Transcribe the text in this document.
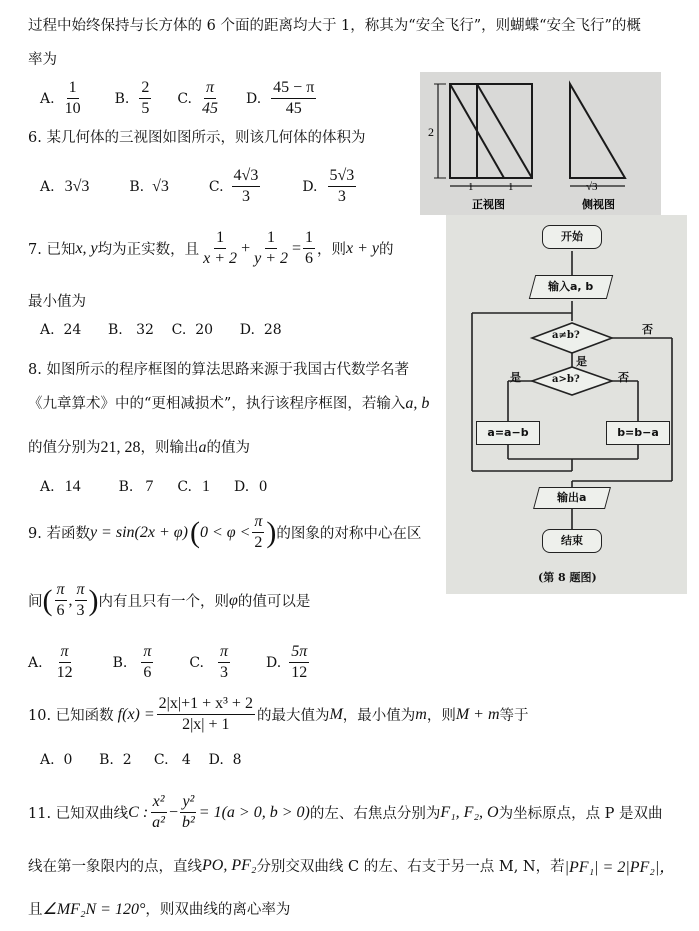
2
1	1	√3
正视图	侧视图
开始
输入a, b
a≠b?	否
是
a>b?
是	否
a=a−b	b=b−a
输出a
结束
(第 8 题图)
过程中始终保持与长方体的 6 个面的距离均大于 1，称其为“安全飞行”，则蝴蝶“安全飞行”的概
率为
A. $\frac{1}{10} B$. $\frac{2}{5} C$. $\frac{\pi}{45} D$. $\frac{45 - \pi}{45}$
6. 某几何体的三视图如图所示，则该几何体的体积为
A. 3√3	B. √3	C. $\frac{4√3}{3}$	D. $\frac{5√3}{3}$
7. 已知 x, y 均为正实数，且 $\frac{1}{x + 2} + \frac{1}{y + 2} = \frac{1}{6}$ ，则 x + y 的
最小值为
A.  24      B.   32    C.  20      D.  28
8. 如图所示的程序框图的算法思路来源于我国古代数学名著
《九章算术》中的“更相减损术”，执行该程序框图，若输入a, b
的值分别为21, 28，则输出a的值为
A. 14	B. 7 C. 1 D. 0
9. 若函数 y = sin(2x + φ) ( $0 < \varphi < \frac{\pi}{2}$ ) 的图象的对称中心在区
间 ( $\frac{\pi}{6}$ , $\frac{\pi}{3}$ ) 内有且只有一个，则 φ 的值可以是
A. $\frac{\pi}{12}$	B. $\frac{\pi}{6}$	C. $\frac{\pi}{3}$	D. $\frac{5\pi}{12}$
10. 已知函数 $f(x) = \frac{\text{2|x|+1 + x³ + 2}}{2|x| + 1}$ 的最大值为 M ，最小值为 m ，则 M + m 等于
A.  0      B.  2     C.   4    D.  8
11. 已知双曲线 C : $\frac{\text{x²}}{\text{a²}} - \frac{\text{y²}}{\text{b²}} = 1(a > 0$, b > 0) 的左、右焦点分别为 F₁, F₂, O 为坐标原点，点 P 是双曲
线在第一象限内的点，直线 PO, PF₂ 分别交双曲线 C 的左、右支于另一点 M, N，若 |PF₁| = 2|PF₂|，
且 ∠MF₂N = 120° ，则双曲线的离心率为
